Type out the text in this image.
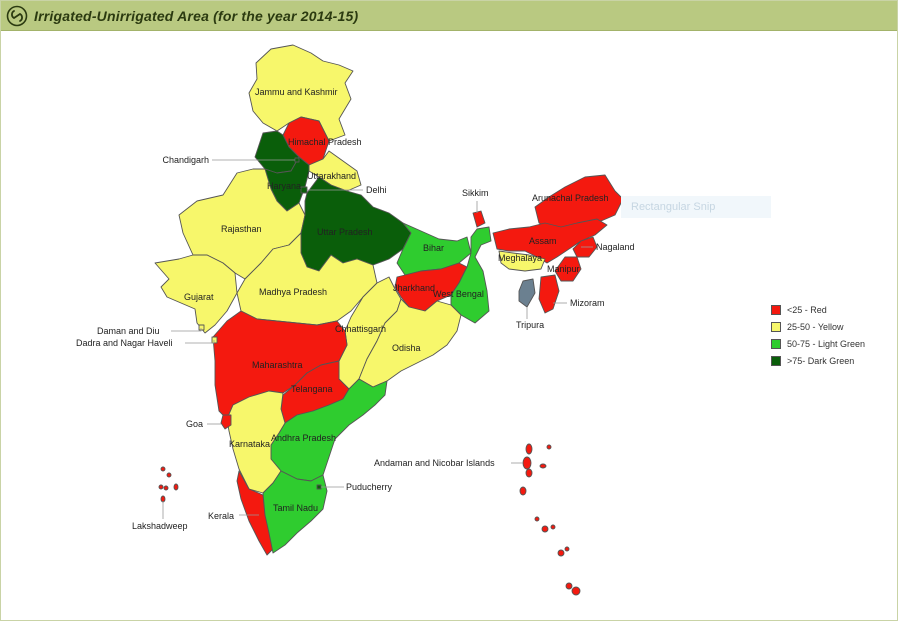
Irrigated-Unirrigated Area (for the year 2014-15)
Jammu and Kashmir
Himachal Pradesh
Chandigarh
Uttarakhand
Haryana	Delhi
Rajasthan	Uttar Pradesh
Gujarat	Madhya Pradesh
Bihar
Jharkhand
West Bengal
Sikkim	Arunachal Pradesh
Assam
Meghalaya
Nagaland
Manipur
Mizoram
Tripura
Chhattisgarh
Odisha
Maharashtra
Telangana
Andhra Pradesh
Karnataka
Goa
Kerala
Tamil Nadu
Puducherry
Daman and Diu
Dadra and Nagar Haveli
Andaman and Nicobar Islands
Lakshadweep
Rectangular Snip
<25 - Red
25-50 - Yellow
50-75 - Light Green
>75- Dark Green
